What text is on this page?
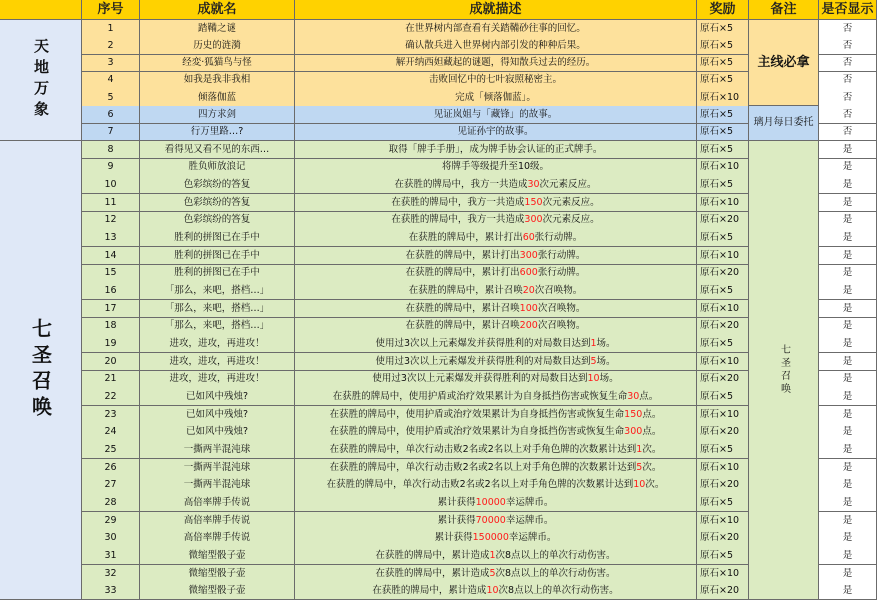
序号	成就名	成就描述	奖励	备注	是否显示
天地万象
七圣召唤
主线必拿
璃月每日委托
七圣召唤
1	踏鞴之谜	在世界树内部查看有关踏鞴砂往事的回忆。	原石×5	否
2	历史的涟漪	确认散兵进入世界树内部引发的种种后果。	原石×5	否
3	经変·狐猫鸟与怪	解开纳西妲藏起的谜题，得知散兵过去的经历。	原石×5	否
4	如我是我非我相	击败回忆中的七叶寂照秘密主。	原石×5	否
5	倾落伽蓝	完成「倾落伽蓝」。	原石×10	否
6	四方求剑	见证岚姐与「藏锋」的故事。	原石×5	否
7	行万里路…?	见证孙宇的故事。	原石×5	否
8	看得见又看不见的东西…	取得「牌手手册」，成为牌手协会认证的正式牌手。	原石×5	是
9	胜负师放浪记	将牌手等级提升至10级。	原石×10	是
10	色彩缤纷的答复	在获胜的牌局中，我方一共造成 30 次元素反应。	原石×5	是
11	色彩缤纷的答复	在获胜的牌局中，我方一共造成 150 次元素反应。	原石×10	是
12	色彩缤纷的答复	在获胜的牌局中，我方一共造成 300 次元素反应。	原石×20	是
13	胜利的拼图已在手中	在获胜的牌局中，累计打出 60 张行动牌。	原石×5	是
14	胜利的拼图已在手中	在获胜的牌局中，累计打出 300 张行动牌。	原石×10	是
15	胜利的拼图已在手中	在获胜的牌局中，累计打出 600 张行动牌。	原石×20	是
16	「那么，来吧，搭档…」	在获胜的牌局中，累计召唤 20 次召唤物。	原石×5	是
17	「那么，来吧，搭档…」	在获胜的牌局中，累计召唤 100 次召唤物。	原石×10	是
18	「那么，来吧，搭档…」	在获胜的牌局中，累计召唤 200 次召唤物。	原石×20	是
19	进攻，进攻，再进攻！	使用过3次以上元素爆发并获得胜利的对局数目达到 1 场。	原石×5	是
20	进攻，进攻，再进攻！	使用过3次以上元素爆发并获得胜利的对局数目达到 5 场。	原石×10	是
21	进攻，进攻，再进攻！	使用过3次以上元素爆发并获得胜利的对局数目达到 10 场。	原石×20	是
22	已如风中残烛?	在获胜的牌局中，使用护盾或治疗效果累计为自身抵挡伤害或恢复生命 30 点。	原石×5	是
23	已如风中残烛?	在获胜的牌局中，使用护盾或治疗效果累计为自身抵挡伤害或恢复生命 150 点。	原石×10	是
24	已如风中残烛?	在获胜的牌局中，使用护盾或治疗效果累计为自身抵挡伤害或恢复生命 300 点。	原石×20	是
25	一撕两半混沌球	在获胜的牌局中，单次行动击败2名或2名以上对手角色牌的次数累计达到 1 次。	原石×5	是
26	一撕两半混沌球	在获胜的牌局中，单次行动击败2名或2名以上对手角色牌的次数累计达到 5 次。	原石×10	是
27	一撕两半混沌球	在获胜的牌局中，单次行动击败2名或2名以上对手角色牌的次数累计达到 10 次。	原石×20	是
28	高倍率牌手传说	累计获得 10000 幸运牌币。	原石×5	是
29	高倍率牌手传说	累计获得 70000 幸运牌币。	原石×10	是
30	高倍率牌手传说	累计获得 150000 幸运牌币。	原石×20	是
31	微缩型骰子壶	在获胜的牌局中，累计造成 1 次8点以上的单次行动伤害。	原石×5	是
32	微缩型骰子壶	在获胜的牌局中，累计造成 5 次8点以上的单次行动伤害。	原石×10	是
33	微缩型骰子壶	在获胜的牌局中，累计造成 10 次8点以上的单次行动伤害。	原石×20	是
